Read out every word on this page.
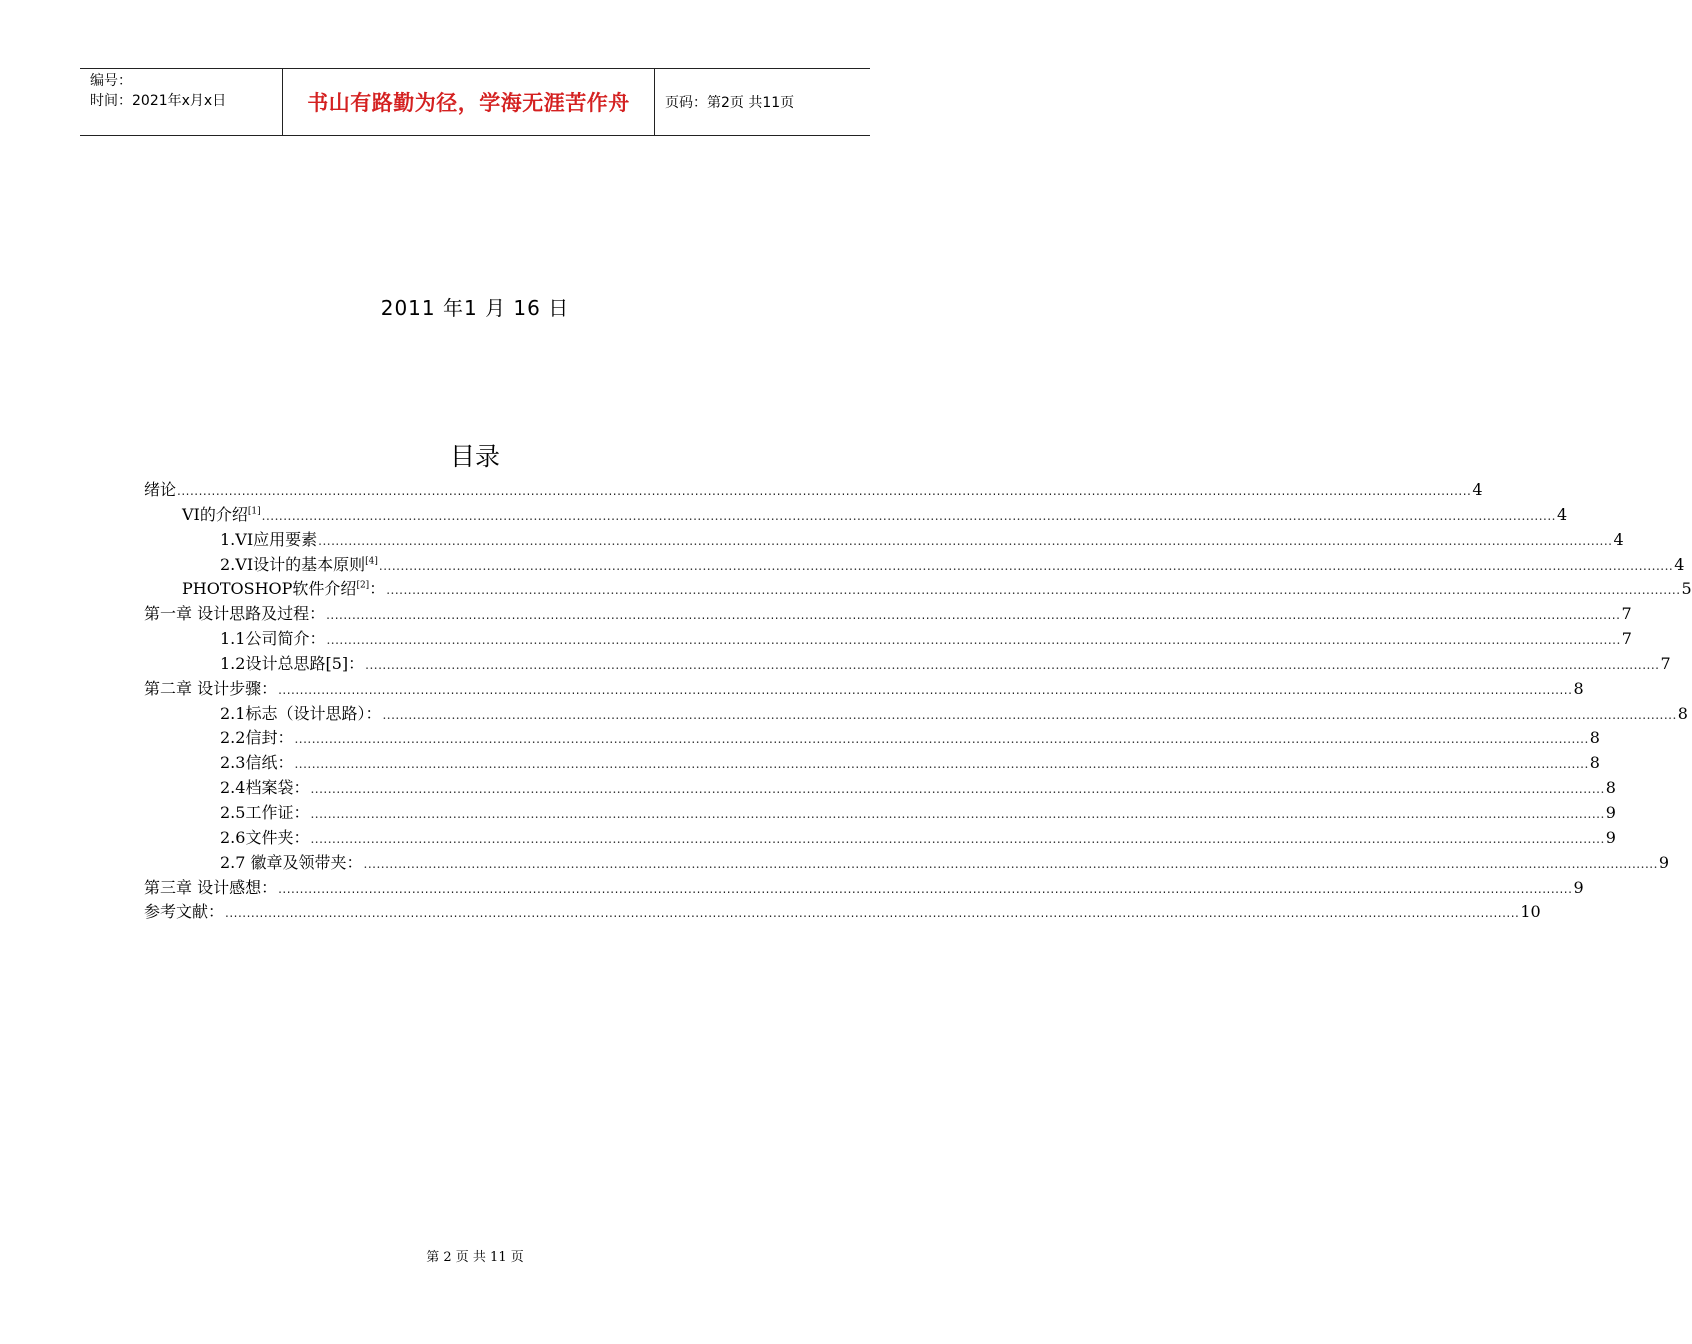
编号：
时间：2021年x月x日	书山有路勤为径，学海无涯苦作舟	页码：第2页 共11页
2011 年1 月 16 日
目录
绪论 ............................................................................................................................................................................................................................................................................................................ 4
VI的介绍[1] ............................................................................................................................................................................................................................................................................................................ 4
1.VI应用要素 ............................................................................................................................................................................................................................................................................................................ 4
2.VI设计的基本原则[4] ............................................................................................................................................................................................................................................................................................................ 4
PHOTOSHOP软件介绍[2]： ............................................................................................................................................................................................................................................................................................................ 5
第一章 设计思路及过程： ............................................................................................................................................................................................................................................................................................................ 7
1.1公司简介： ............................................................................................................................................................................................................................................................................................................ 7
1.2设计总思路[5]： ............................................................................................................................................................................................................................................................................................................ 7
第二章 设计步骤： ............................................................................................................................................................................................................................................................................................................ 8
2.1标志（设计思路）： ............................................................................................................................................................................................................................................................................................................ 8
2.2信封： ............................................................................................................................................................................................................................................................................................................ 8
2.3信纸： ............................................................................................................................................................................................................................................................................................................ 8
2.4档案袋： ............................................................................................................................................................................................................................................................................................................ 8
2.5工作证： ............................................................................................................................................................................................................................................................................................................ 9
2.6文件夹： ............................................................................................................................................................................................................................................................................................................ 9
2.7 徽章及领带夹： ............................................................................................................................................................................................................................................................................................................ 9
第三章 设计感想： ............................................................................................................................................................................................................................................................................................................ 9
参考文献： ............................................................................................................................................................................................................................................................................................................ 10
第 2 页 共 11 页
